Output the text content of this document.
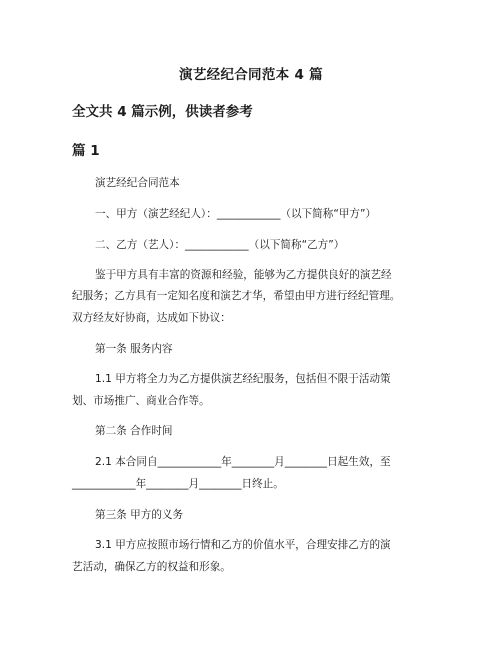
演艺经纪合同范本 4 篇
全文共 4 篇示例，供读者参考
篇 1
演艺经纪合同范本
一、甲方（演艺经纪人）：____________（以下简称“甲方”）
二、乙方（艺人）：____________（以下简称“乙方”）
鉴于甲方具有丰富的资源和经验，能够为乙方提供良好的演艺经
纪服务；乙方具有一定知名度和演艺才华，希望由甲方进行经纪管理。
双方经友好协商，达成如下协议：
第一条 服务内容
1.1 甲方将全力为乙方提供演艺经纪服务，包括但不限于活动策
划、市场推广、商业合作等。
第二条 合作时间
2.1 本合同自____________年________月________日起生效，至
____________年________月________日终止。
第三条 甲方的义务
3.1 甲方应按照市场行情和乙方的价值水平，合理安排乙方的演
艺活动，确保乙方的权益和形象。
